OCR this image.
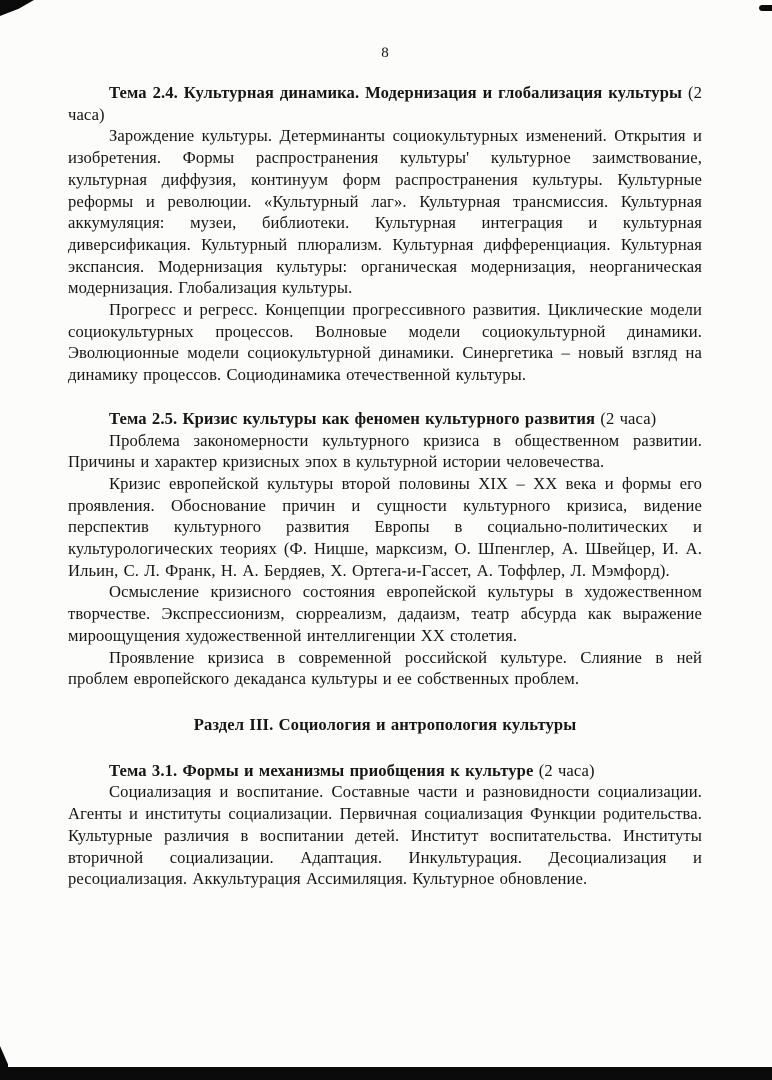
8

Тема 2.4. Культурная динамика. Модернизация и глобализация культуры (2 часа)

Зарождение культуры. Детерминанты социокультурных изменений. Открытия и изобретения. Формы распространения культуры' культурное заимствование, культурная диффузия, континуум форм распространения культуры. Культурные реформы и революции. «Культурный лаг». Культурная трансмиссия. Культурная аккумуляция: музеи, библиотеки. Культурная интеграция и культурная диверсификация. Культурный плюрализм. Культурная дифференциация. Культурная экспансия. Модернизация культуры: органическая модернизация, неорганическая модернизация. Глобализация культуры.

Прогресс и регресс. Концепции прогрессивного развития. Циклические модели социокультурных процессов. Волновые модели социокультурной динамики. Эволюционные модели социокультурной динамики. Синергетика – новый взгляд на динамику процессов. Социодинамика отечественной культуры.

Тема 2.5. Кризис культуры как феномен культурного развития (2 часа)

Проблема закономерности культурного кризиса в общественном развитии. Причины и характер кризисных эпох в культурной истории человечества.

Кризис европейской культуры второй половины XIX – XX века и формы его проявления. Обоснование причин и сущности культурного кризиса, видение перспектив культурного развития Европы в социально-политических и культурологических теориях (Ф. Ницше, марксизм, О. Шпенглер, А. Швейцер, И. А. Ильин, С. Л. Франк, Н. А. Бердяев, Х. Ортега-и-Гассет, А. Тоффлер, Л. Мэмфорд).

Осмысление кризисного состояния европейской культуры в художественном творчестве. Экспрессионизм, сюрреализм, дадаизм, театр абсурда как выражение мироощущения художественной интеллигенции XX столетия.

Проявление кризиса в современной российской культуре. Слияние в ней проблем европейского декаданса культуры и ее собственных проблем.

Раздел III. Социология и антропология культуры

Тема 3.1. Формы и механизмы приобщения к культуре (2 часа)

Социализация и воспитание. Составные части и разновидности социализации. Агенты и институты социализации. Первичная социализация Функции родительства. Культурные различия в воспитании детей. Институт воспитательства. Институты вторичной социализации. Адаптация. Инкультурация. Десоциализация и ресоциализация. Аккультурация Ассимиляция. Культурное обновление.
